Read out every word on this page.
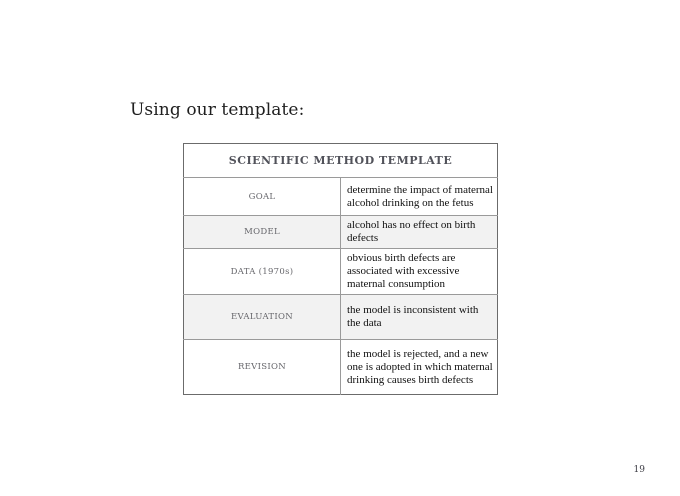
Using our template:
SCIENTIFIC METHOD TEMPLATE	
GOAL	determine the impact of maternal alcohol drinking on the fetus
MODEL	alcohol has no effect on birth defects
DATA (1970s)	obvious birth defects are associated with excessive maternal consumption
EVALUATION	the model is inconsistent with the data
REVISION	the model is rejected, and a new one is adopted in which maternal drinking causes birth defects
19
